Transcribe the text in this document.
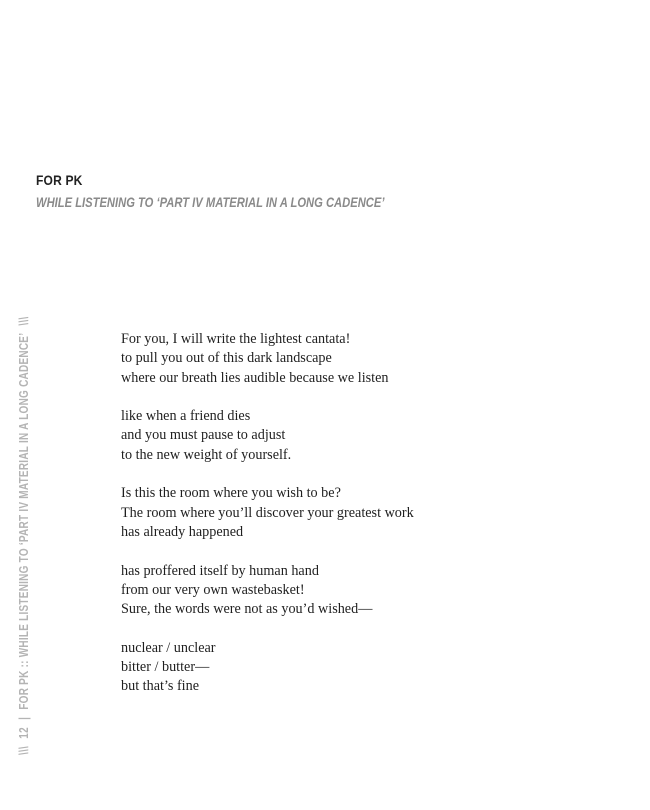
FOR PK
WHILE LISTENING TO ‘PART IV MATERIAL IN A LONG CADENCE’
For you, I will write the lightest cantata!
to pull you out of this dark landscape
where our breath lies audible because we listen
like when a friend dies
and you must pause to adjust
to the new weight of yourself.
Is this the room where you wish to be?
The room where you’ll discover your greatest work
has already happened
has proffered itself by human hand
from our very own wastebasket!
Sure, the words were not as you’d wished—
nuclear / unclear
bitter / butter—
but that’s fine
\\\12|FOR PK :: WHILE LISTENING TO ‘PART IV MATERIAL IN A LONG CADENCE’\\\
